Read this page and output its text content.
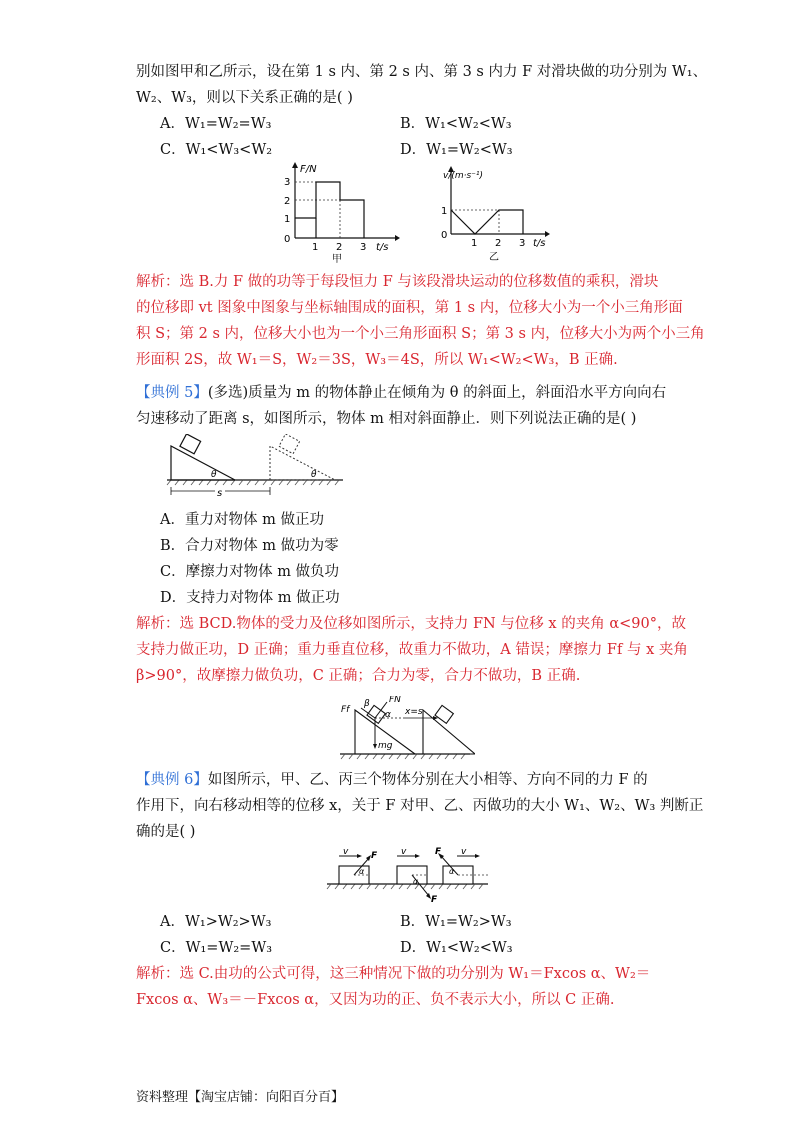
别如图甲和乙所示，设在第 1 s 内、第 2 s 内、第 3 s 内力 F 对滑块做的功分别为 W₁、
W₂、W₃，则以下关系正确的是( )
A．W₁=W₂=W₃	B．W₁<W₂<W₃
C．W₁<W₃<W₂	D．W₁=W₂<W₃
F/N
3
2
1
0
1 2 3 t/s
甲
v/(m·s⁻¹)
1
0
1 2 3 t/s
乙
解析：选 B.力 F 做的功等于每段恒力 F 与该段滑块运动的位移数值的乘积，滑块
的位移即 vt 图象中图象与坐标轴围成的面积，第 1 s 内，位移大小为一个小三角形面
积 S；第 2 s 内，位移大小也为一个小三角形面积 S；第 3 s 内，位移大小为两个小三角
形面积 2S，故 W₁＝S，W₂＝3S，W₃＝4S，所以 W₁<W₂<W₃，B 正确.
【典例 5】(多选)质量为 m 的物体静止在倾角为 θ 的斜面上，斜面沿水平方向向右
匀速移动了距离 s，如图所示，物体 m 相对斜面静止．则下列说法正确的是( )
θ	θ
s
A．重力对物体 m 做正功
B．合力对物体 m 做功为零
C．摩擦力对物体 m 做负功
D．支持力对物体 m 做正功
解析：选 BCD.物体的受力及位移如图所示，支持力 FN 与位移 x 的夹角 α<90°，故
支持力做正功，D 正确；重力垂直位移，故重力不做功，A 错误；摩擦力 Ff 与 x 夹角
β>90°，故摩擦力做负功，C 正确；合力为零，合力不做功，B 正确.
Ff
β FN
α x=s
mg
【典例 6】如图所示，甲、乙、丙三个物体分别在大小相等、方向不同的力 F 的
作用下，向右移动相等的位移 x，关于 F 对甲、乙、丙做功的大小 W₁、W₂、W₃ 判断正
确的是( )
v	F
α
v
F
α
v
F
α
A．W₁>W₂>W₃	B．W₁=W₂>W₃
C．W₁=W₂=W₃	D．W₁<W₂<W₃
解析：选 C.由功的公式可得，这三种情况下做的功分别为 W₁＝Fxcos α、W₂＝
Fxcos α、W₃＝－Fxcos α，又因为功的正、负不表示大小，所以 C 正确.
资料整理【淘宝店铺：向阳百分百】
